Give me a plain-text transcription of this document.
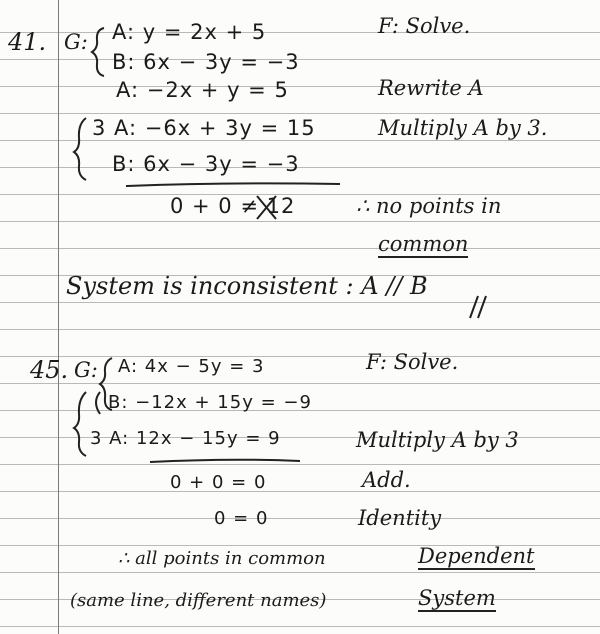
41. G: A: y = 2x + 5
B: 6x − 3y = −3
A: −2x + y = 5
3 A: −6x + 3y = 15
B: 6x − 3y = −3
0 + 0 ≠ 12
System is inconsistent : A // B
F: Solve.
Rewrite A
Multiply A by 3.
∴ no points in
common
45. G: A: 4x − 5y = 3
B: −12x + 15y = −9
3 A: 12x − 15y = 9
0 + 0 = 0
0 = 0
∴ all points in common
(same line, different names)
F: Solve.
Multiply A by 3
Add.
Identity
Dependent
System
